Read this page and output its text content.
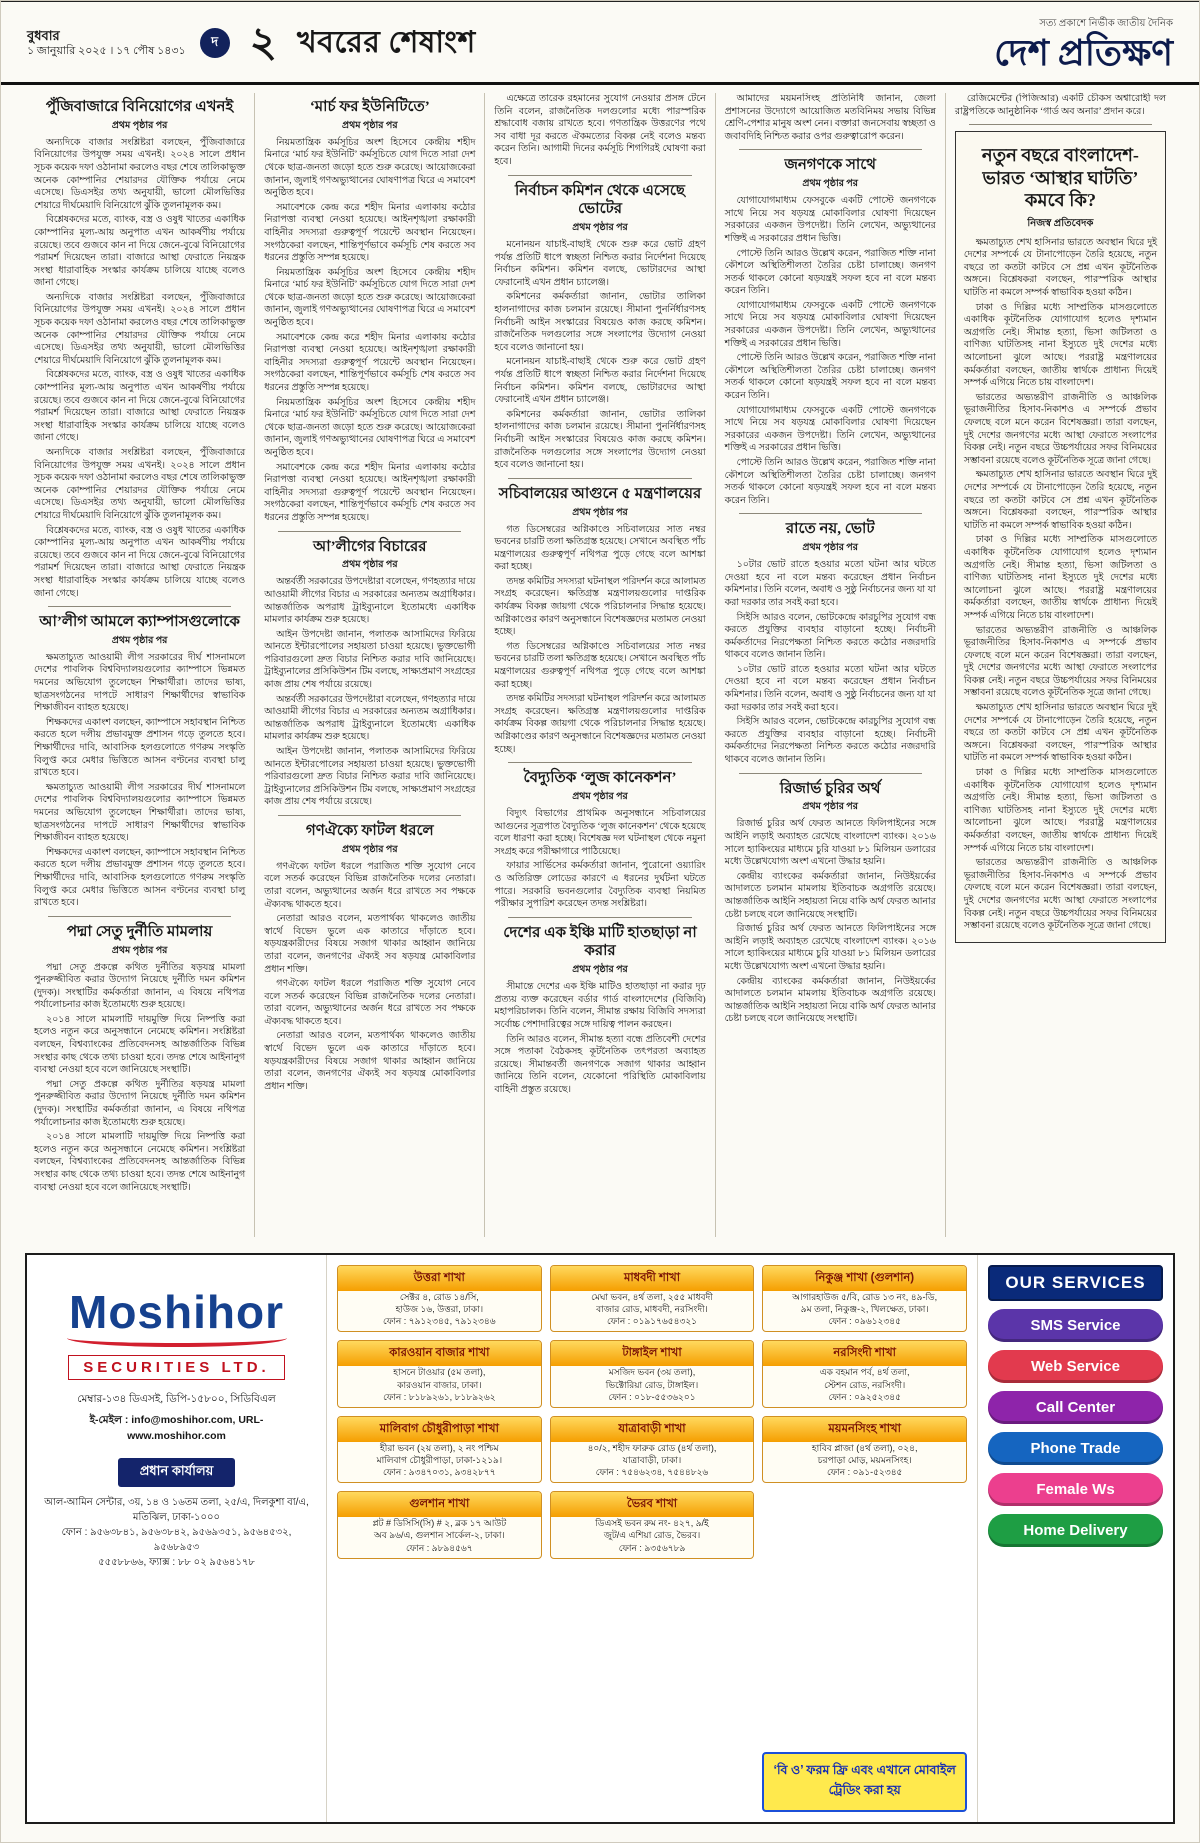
বুধবার
১ জানুয়ারি ২০২৫ । ১৭ পৌষ ১৪৩১
দ ২ খবরের শেষাংশ
সত্য প্রকাশে নির্ভীক জাতীয় দৈনিক
দেশ প্রতিক্ষণ
পুঁজিবাজারে বিনিয়োগের এখনই
প্রথম পৃষ্ঠার পর

অন্যদিকে বাজার সংশ্লিষ্টরা বলছেন, পুঁজিবাজারে বিনিয়োগের উপযুক্ত সময় এখনই। ২০২৪ সালে প্রধান সূচক কয়েক দফা ওঠানামা করলেও বছর শেষে তালিকাভুক্ত অনেক কোম্পানির শেয়ারদর যৌক্তিক পর্যায়ে নেমে এসেছে। ডিএসইর তথ্য অনুযায়ী, ভালো মৌলভিত্তির শেয়ারে দীর্ঘমেয়াদি বিনিয়োগে ঝুঁকি তুলনামূলক কম।

বিশ্লেষকদের মতে, ব্যাংক, বস্ত্র ও ওষুধ খাতের একাধিক কোম্পানির মূল্য-আয় অনুপাত এখন আকর্ষণীয় পর্যায়ে রয়েছে। তবে গুজবে কান না দিয়ে জেনে-বুঝে বিনিয়োগের পরামর্শ দিয়েছেন তারা। বাজারে আস্থা ফেরাতে নিয়ন্ত্রক সংস্থা ধারাবাহিক সংস্কার কার্যক্রম চালিয়ে যাচ্ছে বলেও জানা গেছে।

অন্যদিকে বাজার সংশ্লিষ্টরা বলছেন, পুঁজিবাজারে বিনিয়োগের উপযুক্ত সময় এখনই। ২০২৪ সালে প্রধান সূচক কয়েক দফা ওঠানামা করলেও বছর শেষে তালিকাভুক্ত অনেক কোম্পানির শেয়ারদর যৌক্তিক পর্যায়ে নেমে এসেছে। ডিএসইর তথ্য অনুযায়ী, ভালো মৌলভিত্তির শেয়ারে দীর্ঘমেয়াদি বিনিয়োগে ঝুঁকি তুলনামূলক কম।

বিশ্লেষকদের মতে, ব্যাংক, বস্ত্র ও ওষুধ খাতের একাধিক কোম্পানির মূল্য-আয় অনুপাত এখন আকর্ষণীয় পর্যায়ে রয়েছে। তবে গুজবে কান না দিয়ে জেনে-বুঝে বিনিয়োগের পরামর্শ দিয়েছেন তারা। বাজারে আস্থা ফেরাতে নিয়ন্ত্রক সংস্থা ধারাবাহিক সংস্কার কার্যক্রম চালিয়ে যাচ্ছে বলেও জানা গেছে।

অন্যদিকে বাজার সংশ্লিষ্টরা বলছেন, পুঁজিবাজারে বিনিয়োগের উপযুক্ত সময় এখনই। ২০২৪ সালে প্রধান সূচক কয়েক দফা ওঠানামা করলেও বছর শেষে তালিকাভুক্ত অনেক কোম্পানির শেয়ারদর যৌক্তিক পর্যায়ে নেমে এসেছে। ডিএসইর তথ্য অনুযায়ী, ভালো মৌলভিত্তির শেয়ারে দীর্ঘমেয়াদি বিনিয়োগে ঝুঁকি তুলনামূলক কম।

বিশ্লেষকদের মতে, ব্যাংক, বস্ত্র ও ওষুধ খাতের একাধিক কোম্পানির মূল্য-আয় অনুপাত এখন আকর্ষণীয় পর্যায়ে রয়েছে। তবে গুজবে কান না দিয়ে জেনে-বুঝে বিনিয়োগের পরামর্শ দিয়েছেন তারা। বাজারে আস্থা ফেরাতে নিয়ন্ত্রক সংস্থা ধারাবাহিক সংস্কার কার্যক্রম চালিয়ে যাচ্ছে বলেও জানা গেছে।

আ’লীগ আমলে ক্যাম্পাসগুলোকে
প্রথম পৃষ্ঠার পর

ক্ষমতাচ্যুত আওয়ামী লীগ সরকারের দীর্ঘ শাসনামলে দেশের পাবলিক বিশ্ববিদ্যালয়গুলোর ক্যাম্পাসে ভিন্নমত দমনের অভিযোগ তুলেছেন শিক্ষার্থীরা। তাদের ভাষ্য, ছাত্রসংগঠনের দাপটে সাধারণ শিক্ষার্থীদের স্বাভাবিক শিক্ষাজীবন ব্যাহত হয়েছে।

শিক্ষকদের একাংশ বলছেন, ক্যাম্পাসে সহাবস্থান নিশ্চিত করতে হলে দলীয় প্রভাবমুক্ত প্রশাসন গড়ে তুলতে হবে। শিক্ষার্থীদের দাবি, আবাসিক হলগুলোতে গণরুম সংস্কৃতি বিলুপ্ত করে মেধার ভিত্তিতে আসন বণ্টনের ব্যবস্থা চালু রাখতে হবে।

ক্ষমতাচ্যুত আওয়ামী লীগ সরকারের দীর্ঘ শাসনামলে দেশের পাবলিক বিশ্ববিদ্যালয়গুলোর ক্যাম্পাসে ভিন্নমত দমনের অভিযোগ তুলেছেন শিক্ষার্থীরা। তাদের ভাষ্য, ছাত্রসংগঠনের দাপটে সাধারণ শিক্ষার্থীদের স্বাভাবিক শিক্ষাজীবন ব্যাহত হয়েছে।

শিক্ষকদের একাংশ বলছেন, ক্যাম্পাসে সহাবস্থান নিশ্চিত করতে হলে দলীয় প্রভাবমুক্ত প্রশাসন গড়ে তুলতে হবে। শিক্ষার্থীদের দাবি, আবাসিক হলগুলোতে গণরুম সংস্কৃতি বিলুপ্ত করে মেধার ভিত্তিতে আসন বণ্টনের ব্যবস্থা চালু রাখতে হবে।

পদ্মা সেতু দুর্নীতি মামলায়
প্রথম পৃষ্ঠার পর

পদ্মা সেতু প্রকল্পে কথিত দুর্নীতির ষড়যন্ত্র মামলা পুনরুজ্জীবিত করার উদ্যোগ নিয়েছে দুর্নীতি দমন কমিশন (দুদক)। সংস্থাটির কর্মকর্তারা জানান, এ বিষয়ে নথিপত্র পর্যালোচনার কাজ ইতোমধ্যে শুরু হয়েছে।

২০১৪ সালে মামলাটি দায়মুক্তি দিয়ে নিষ্পত্তি করা হলেও নতুন করে অনুসন্ধানে নেমেছে কমিশন। সংশ্লিষ্টরা বলছেন, বিশ্বব্যাংকের প্রতিবেদনসহ আন্তর্জাতিক বিভিন্ন সংস্থার কাছ থেকে তথ্য চাওয়া হবে। তদন্ত শেষে আইনানুগ ব্যবস্থা নেওয়া হবে বলে জানিয়েছে সংস্থাটি।

পদ্মা সেতু প্রকল্পে কথিত দুর্নীতির ষড়যন্ত্র মামলা পুনরুজ্জীবিত করার উদ্যোগ নিয়েছে দুর্নীতি দমন কমিশন (দুদক)। সংস্থাটির কর্মকর্তারা জানান, এ বিষয়ে নথিপত্র পর্যালোচনার কাজ ইতোমধ্যে শুরু হয়েছে।

২০১৪ সালে মামলাটি দায়মুক্তি দিয়ে নিষ্পত্তি করা হলেও নতুন করে অনুসন্ধানে নেমেছে কমিশন। সংশ্লিষ্টরা বলছেন, বিশ্বব্যাংকের প্রতিবেদনসহ আন্তর্জাতিক বিভিন্ন সংস্থার কাছ থেকে তথ্য চাওয়া হবে। তদন্ত শেষে আইনানুগ ব্যবস্থা নেওয়া হবে বলে জানিয়েছে সংস্থাটি।

‘মার্চ ফর ইউনিটিতে’
প্রথম পৃষ্ঠার পর

নিয়মতান্ত্রিক কর্মসূচির অংশ হিসেবে কেন্দ্রীয় শহীদ মিনারে ‘মার্চ ফর ইউনিটি’ কর্মসূচিতে যোগ দিতে সারা দেশ থেকে ছাত্র-জনতা জড়ো হতে শুরু করেছে। আয়োজকেরা জানান, জুলাই গণঅভ্যুত্থানের ঘোষণাপত্র ঘিরে এ সমাবেশ অনুষ্ঠিত হবে।

সমাবেশকে কেন্দ্র করে শহীদ মিনার এলাকায় কঠোর নিরাপত্তা ব্যবস্থা নেওয়া হয়েছে। আইনশৃঙ্খলা রক্ষাকারী বাহিনীর সদস্যরা গুরুত্বপূর্ণ পয়েন্টে অবস্থান নিয়েছেন। সংগঠকেরা বলছেন, শান্তিপূর্ণভাবে কর্মসূচি শেষ করতে সব ধরনের প্রস্তুতি সম্পন্ন হয়েছে।

নিয়মতান্ত্রিক কর্মসূচির অংশ হিসেবে কেন্দ্রীয় শহীদ মিনারে ‘মার্চ ফর ইউনিটি’ কর্মসূচিতে যোগ দিতে সারা দেশ থেকে ছাত্র-জনতা জড়ো হতে শুরু করেছে। আয়োজকেরা জানান, জুলাই গণঅভ্যুত্থানের ঘোষণাপত্র ঘিরে এ সমাবেশ অনুষ্ঠিত হবে।

সমাবেশকে কেন্দ্র করে শহীদ মিনার এলাকায় কঠোর নিরাপত্তা ব্যবস্থা নেওয়া হয়েছে। আইনশৃঙ্খলা রক্ষাকারী বাহিনীর সদস্যরা গুরুত্বপূর্ণ পয়েন্টে অবস্থান নিয়েছেন। সংগঠকেরা বলছেন, শান্তিপূর্ণভাবে কর্মসূচি শেষ করতে সব ধরনের প্রস্তুতি সম্পন্ন হয়েছে।

নিয়মতান্ত্রিক কর্মসূচির অংশ হিসেবে কেন্দ্রীয় শহীদ মিনারে ‘মার্চ ফর ইউনিটি’ কর্মসূচিতে যোগ দিতে সারা দেশ থেকে ছাত্র-জনতা জড়ো হতে শুরু করেছে। আয়োজকেরা জানান, জুলাই গণঅভ্যুত্থানের ঘোষণাপত্র ঘিরে এ সমাবেশ অনুষ্ঠিত হবে।

সমাবেশকে কেন্দ্র করে শহীদ মিনার এলাকায় কঠোর নিরাপত্তা ব্যবস্থা নেওয়া হয়েছে। আইনশৃঙ্খলা রক্ষাকারী বাহিনীর সদস্যরা গুরুত্বপূর্ণ পয়েন্টে অবস্থান নিয়েছেন। সংগঠকেরা বলছেন, শান্তিপূর্ণভাবে কর্মসূচি শেষ করতে সব ধরনের প্রস্তুতি সম্পন্ন হয়েছে।

আ’লীগের বিচারের
প্রথম পৃষ্ঠার পর

অন্তর্বর্তী সরকারের উপদেষ্টারা বলেছেন, গণহত্যার দায়ে আওয়ামী লীগের বিচার এ সরকারের অন্যতম অগ্রাধিকার। আন্তর্জাতিক অপরাধ ট্রাইব্যুনালে ইতোমধ্যে একাধিক মামলার কার্যক্রম শুরু হয়েছে।

আইন উপদেষ্টা জানান, পলাতক আসামিদের ফিরিয়ে আনতে ইন্টারপোলের সহায়তা চাওয়া হয়েছে। ভুক্তভোগী পরিবারগুলো দ্রুত বিচার নিশ্চিত করার দাবি জানিয়েছে। ট্রাইব্যুনালের প্রসিকিউশন টিম বলছে, সাক্ষ্যপ্রমাণ সংগ্রহের কাজ প্রায় শেষ পর্যায়ে রয়েছে।

অন্তর্বর্তী সরকারের উপদেষ্টারা বলেছেন, গণহত্যার দায়ে আওয়ামী লীগের বিচার এ সরকারের অন্যতম অগ্রাধিকার। আন্তর্জাতিক অপরাধ ট্রাইব্যুনালে ইতোমধ্যে একাধিক মামলার কার্যক্রম শুরু হয়েছে।

আইন উপদেষ্টা জানান, পলাতক আসামিদের ফিরিয়ে আনতে ইন্টারপোলের সহায়তা চাওয়া হয়েছে। ভুক্তভোগী পরিবারগুলো দ্রুত বিচার নিশ্চিত করার দাবি জানিয়েছে। ট্রাইব্যুনালের প্রসিকিউশন টিম বলছে, সাক্ষ্যপ্রমাণ সংগ্রহের কাজ প্রায় শেষ পর্যায়ে রয়েছে।

গণঐক্যে ফাটল ধরলে
প্রথম পৃষ্ঠার পর

গণঐক্যে ফাটল ধরলে পরাজিত শক্তি সুযোগ নেবে বলে সতর্ক করেছেন বিভিন্ন রাজনৈতিক দলের নেতারা। তারা বলেন, অভ্যুত্থানের অর্জন ধরে রাখতে সব পক্ষকে ঐক্যবদ্ধ থাকতে হবে।

নেতারা আরও বলেন, মতপার্থক্য থাকলেও জাতীয় স্বার্থে বিভেদ ভুলে এক কাতারে দাঁড়াতে হবে। ষড়যন্ত্রকারীদের বিষয়ে সজাগ থাকার আহ্বান জানিয়ে তারা বলেন, জনগণের ঐক্যই সব ষড়যন্ত্র মোকাবিলার প্রধান শক্তি।

গণঐক্যে ফাটল ধরলে পরাজিত শক্তি সুযোগ নেবে বলে সতর্ক করেছেন বিভিন্ন রাজনৈতিক দলের নেতারা। তারা বলেন, অভ্যুত্থানের অর্জন ধরে রাখতে সব পক্ষকে ঐক্যবদ্ধ থাকতে হবে।

নেতারা আরও বলেন, মতপার্থক্য থাকলেও জাতীয় স্বার্থে বিভেদ ভুলে এক কাতারে দাঁড়াতে হবে। ষড়যন্ত্রকারীদের বিষয়ে সজাগ থাকার আহ্বান জানিয়ে তারা বলেন, জনগণের ঐক্যই সব ষড়যন্ত্র মোকাবিলার প্রধান শক্তি।

এক্ষেত্রে তারেক রহমানের সুযোগ নেওয়ার প্রসঙ্গ টেনে তিনি বলেন, রাজনৈতিক দলগুলোর মধ্যে পারস্পরিক শ্রদ্ধাবোধ বজায় রাখতে হবে। গণতান্ত্রিক উত্তরণের পথে সব বাধা দূর করতে ঐকমত্যের বিকল্প নেই বলেও মন্তব্য করেন তিনি। আগামী দিনের কর্মসূচি শিগগিরই ঘোষণা করা হবে।

নির্বাচন কমিশন থেকে এসেছে ভোটের
প্রথম পৃষ্ঠার পর

মনোনয়ন যাচাই-বাছাই থেকে শুরু করে ভোট গ্রহণ পর্যন্ত প্রতিটি ধাপে স্বচ্ছতা নিশ্চিত করার নির্দেশনা দিয়েছে নির্বাচন কমিশন। কমিশন বলছে, ভোটারদের আস্থা ফেরানোই এখন প্রধান চ্যালেঞ্জ।

কমিশনের কর্মকর্তারা জানান, ভোটার তালিকা হালনাগাদের কাজ চলমান রয়েছে। সীমানা পুনর্নির্ধারণসহ নির্বাচনী আইন সংস্কারের বিষয়েও কাজ করছে কমিশন। রাজনৈতিক দলগুলোর সঙ্গে সংলাপের উদ্যোগ নেওয়া হবে বলেও জানানো হয়।

মনোনয়ন যাচাই-বাছাই থেকে শুরু করে ভোট গ্রহণ পর্যন্ত প্রতিটি ধাপে স্বচ্ছতা নিশ্চিত করার নির্দেশনা দিয়েছে নির্বাচন কমিশন। কমিশন বলছে, ভোটারদের আস্থা ফেরানোই এখন প্রধান চ্যালেঞ্জ।

কমিশনের কর্মকর্তারা জানান, ভোটার তালিকা হালনাগাদের কাজ চলমান রয়েছে। সীমানা পুনর্নির্ধারণসহ নির্বাচনী আইন সংস্কারের বিষয়েও কাজ করছে কমিশন। রাজনৈতিক দলগুলোর সঙ্গে সংলাপের উদ্যোগ নেওয়া হবে বলেও জানানো হয়।

সচিবালয়ের আগুনে ৫ মন্ত্রণালয়ের
প্রথম পৃষ্ঠার পর

গত ডিসেম্বরের অগ্নিকাণ্ডে সচিবালয়ের সাত নম্বর ভবনের চারটি তলা ক্ষতিগ্রস্ত হয়েছে। সেখানে অবস্থিত পাঁচ মন্ত্রণালয়ের গুরুত্বপূর্ণ নথিপত্র পুড়ে গেছে বলে আশঙ্কা করা হচ্ছে।

তদন্ত কমিটির সদস্যরা ঘটনাস্থল পরিদর্শন করে আলামত সংগ্রহ করেছেন। ক্ষতিগ্রস্ত মন্ত্রণালয়গুলোর দাপ্তরিক কার্যক্রম বিকল্প জায়গা থেকে পরিচালনার সিদ্ধান্ত হয়েছে। অগ্নিকাণ্ডের কারণ অনুসন্ধানে বিশেষজ্ঞদের মতামত নেওয়া হচ্ছে।

গত ডিসেম্বরের অগ্নিকাণ্ডে সচিবালয়ের সাত নম্বর ভবনের চারটি তলা ক্ষতিগ্রস্ত হয়েছে। সেখানে অবস্থিত পাঁচ মন্ত্রণালয়ের গুরুত্বপূর্ণ নথিপত্র পুড়ে গেছে বলে আশঙ্কা করা হচ্ছে।

তদন্ত কমিটির সদস্যরা ঘটনাস্থল পরিদর্শন করে আলামত সংগ্রহ করেছেন। ক্ষতিগ্রস্ত মন্ত্রণালয়গুলোর দাপ্তরিক কার্যক্রম বিকল্প জায়গা থেকে পরিচালনার সিদ্ধান্ত হয়েছে। অগ্নিকাণ্ডের কারণ অনুসন্ধানে বিশেষজ্ঞদের মতামত নেওয়া হচ্ছে।

বৈদ্যুতিক ‘লুজ কানেকশন’
প্রথম পৃষ্ঠার পর

বিদ্যুৎ বিভাগের প্রাথমিক অনুসন্ধানে সচিবালয়ের আগুনের সূত্রপাত বৈদ্যুতিক ‘লুজ কানেকশন’ থেকে হয়েছে বলে ধারণা করা হচ্ছে। বিশেষজ্ঞ দল ঘটনাস্থল থেকে নমুনা সংগ্রহ করে পরীক্ষাগারে পাঠিয়েছে।

ফায়ার সার্ভিসের কর্মকর্তারা জানান, পুরোনো ওয়্যারিং ও অতিরিক্ত লোডের কারণে এ ধরনের দুর্ঘটনা ঘটতে পারে। সরকারি ভবনগুলোর বৈদ্যুতিক ব্যবস্থা নিয়মিত পরীক্ষার সুপারিশ করেছেন তদন্ত সংশ্লিষ্টরা।

দেশের এক ইঞ্চি মাটি হাতছাড়া না করার
প্রথম পৃষ্ঠার পর

সীমান্তে দেশের এক ইঞ্চি মাটিও হাতছাড়া না করার দৃঢ় প্রত্যয় ব্যক্ত করেছেন বর্ডার গার্ড বাংলাদেশের (বিজিবি) মহাপরিচালক। তিনি বলেন, সীমান্ত রক্ষায় বিজিবি সদস্যরা সর্বোচ্চ পেশাদারিত্বের সঙ্গে দায়িত্ব পালন করছেন।

তিনি আরও বলেন, সীমান্ত হত্যা বন্ধে প্রতিবেশী দেশের সঙ্গে পতাকা বৈঠকসহ কূটনৈতিক তৎপরতা অব্যাহত রয়েছে। সীমান্তবর্তী জনগণকে সজাগ থাকার আহ্বান জানিয়ে তিনি বলেন, যেকোনো পরিস্থিতি মোকাবিলায় বাহিনী প্রস্তুত রয়েছে।

আমাদের ময়মনসিংহ প্রতিনিধি জানান, জেলা প্রশাসনের উদ্যোগে আয়োজিত মতবিনিময় সভায় বিভিন্ন শ্রেণি-পেশার মানুষ অংশ নেন। বক্তারা জনসেবায় স্বচ্ছতা ও জবাবদিহি নিশ্চিত করার ওপর গুরুত্বারোপ করেন।

জনগণকে সাথে
প্রথম পৃষ্ঠার পর

যোগাযোগমাধ্যম ফেসবুকে একটি পোস্টে জনগণকে সাথে নিয়ে সব ষড়যন্ত্র মোকাবিলার ঘোষণা দিয়েছেন সরকারের একজন উপদেষ্টা। তিনি লেখেন, অভ্যুত্থানের শক্তিই এ সরকারের প্রধান ভিত্তি।

পোস্টে তিনি আরও উল্লেখ করেন, পরাজিত শক্তি নানা কৌশলে অস্থিতিশীলতা তৈরির চেষ্টা চালাচ্ছে। জনগণ সতর্ক থাকলে কোনো ষড়যন্ত্রই সফল হবে না বলে মন্তব্য করেন তিনি।

যোগাযোগমাধ্যম ফেসবুকে একটি পোস্টে জনগণকে সাথে নিয়ে সব ষড়যন্ত্র মোকাবিলার ঘোষণা দিয়েছেন সরকারের একজন উপদেষ্টা। তিনি লেখেন, অভ্যুত্থানের শক্তিই এ সরকারের প্রধান ভিত্তি।

পোস্টে তিনি আরও উল্লেখ করেন, পরাজিত শক্তি নানা কৌশলে অস্থিতিশীলতা তৈরির চেষ্টা চালাচ্ছে। জনগণ সতর্ক থাকলে কোনো ষড়যন্ত্রই সফল হবে না বলে মন্তব্য করেন তিনি।

যোগাযোগমাধ্যম ফেসবুকে একটি পোস্টে জনগণকে সাথে নিয়ে সব ষড়যন্ত্র মোকাবিলার ঘোষণা দিয়েছেন সরকারের একজন উপদেষ্টা। তিনি লেখেন, অভ্যুত্থানের শক্তিই এ সরকারের প্রধান ভিত্তি।

পোস্টে তিনি আরও উল্লেখ করেন, পরাজিত শক্তি নানা কৌশলে অস্থিতিশীলতা তৈরির চেষ্টা চালাচ্ছে। জনগণ সতর্ক থাকলে কোনো ষড়যন্ত্রই সফল হবে না বলে মন্তব্য করেন তিনি।

রাতে নয়, ভোট
প্রথম পৃষ্ঠার পর

১০টার ভোট রাতে হওয়ার মতো ঘটনা আর ঘটতে দেওয়া হবে না বলে মন্তব্য করেছেন প্রধান নির্বাচন কমিশনার। তিনি বলেন, অবাধ ও সুষ্ঠু নির্বাচনের জন্য যা যা করা দরকার তার সবই করা হবে।

সিইসি আরও বলেন, ভোটকেন্দ্রে কারচুপির সুযোগ বন্ধ করতে প্রযুক্তির ব্যবহার বাড়ানো হচ্ছে। নির্বাচনী কর্মকর্তাদের নিরপেক্ষতা নিশ্চিত করতে কঠোর নজরদারি থাকবে বলেও জানান তিনি।

১০টার ভোট রাতে হওয়ার মতো ঘটনা আর ঘটতে দেওয়া হবে না বলে মন্তব্য করেছেন প্রধান নির্বাচন কমিশনার। তিনি বলেন, অবাধ ও সুষ্ঠু নির্বাচনের জন্য যা যা করা দরকার তার সবই করা হবে।

সিইসি আরও বলেন, ভোটকেন্দ্রে কারচুপির সুযোগ বন্ধ করতে প্রযুক্তির ব্যবহার বাড়ানো হচ্ছে। নির্বাচনী কর্মকর্তাদের নিরপেক্ষতা নিশ্চিত করতে কঠোর নজরদারি থাকবে বলেও জানান তিনি।

রিজার্ভ চুরির অর্থ
প্রথম পৃষ্ঠার পর

রিজার্ভ চুরির অর্থ ফেরত আনতে ফিলিপাইনের সঙ্গে আইনি লড়াই অব্যাহত রেখেছে বাংলাদেশ ব্যাংক। ২০১৬ সালে হ্যাকিংয়ের মাধ্যমে চুরি যাওয়া ৮১ মিলিয়ন ডলারের মধ্যে উল্লেখযোগ্য অংশ এখনো উদ্ধার হয়নি।

কেন্দ্রীয় ব্যাংকের কর্মকর্তারা জানান, নিউইয়র্কের আদালতে চলমান মামলায় ইতিবাচক অগ্রগতি রয়েছে। আন্তর্জাতিক আইনি সহায়তা নিয়ে বাকি অর্থ ফেরত আনার চেষ্টা চলছে বলে জানিয়েছে সংস্থাটি।

রিজার্ভ চুরির অর্থ ফেরত আনতে ফিলিপাইনের সঙ্গে আইনি লড়াই অব্যাহত রেখেছে বাংলাদেশ ব্যাংক। ২০১৬ সালে হ্যাকিংয়ের মাধ্যমে চুরি যাওয়া ৮১ মিলিয়ন ডলারের মধ্যে উল্লেখযোগ্য অংশ এখনো উদ্ধার হয়নি।

কেন্দ্রীয় ব্যাংকের কর্মকর্তারা জানান, নিউইয়র্কের আদালতে চলমান মামলায় ইতিবাচক অগ্রগতি রয়েছে। আন্তর্জাতিক আইনি সহায়তা নিয়ে বাকি অর্থ ফেরত আনার চেষ্টা চলছে বলে জানিয়েছে সংস্থাটি।

রেজিমেন্টের (পিজিআর) একটি চৌকস অশ্বারোহী দল রাষ্ট্রপতিকে আনুষ্ঠানিক ‘গার্ড অব অনার’ প্রদান করে।

নতুন বছরে বাংলাদেশ-ভারত ‘আস্থার ঘাটতি’ কমবে কি?
নিজস্ব প্রতিবেদক

ক্ষমতাচ্যুত শেখ হাসিনার ভারতে অবস্থান ঘিরে দুই দেশের সম্পর্কে যে টানাপোড়েন তৈরি হয়েছে, নতুন বছরে তা কতটা কাটবে সে প্রশ্ন এখন কূটনৈতিক অঙ্গনে। বিশ্লেষকরা বলছেন, পারস্পরিক আস্থার ঘাটতি না কমলে সম্পর্ক স্বাভাবিক হওয়া কঠিন।

ঢাকা ও দিল্লির মধ্যে সাম্প্রতিক মাসগুলোতে একাধিক কূটনৈতিক যোগাযোগ হলেও দৃশ্যমান অগ্রগতি নেই। সীমান্ত হত্যা, ভিসা জটিলতা ও বাণিজ্য ঘাটতিসহ নানা ইস্যুতে দুই দেশের মধ্যে আলোচনা ঝুলে আছে। পররাষ্ট্র মন্ত্রণালয়ের কর্মকর্তারা বলছেন, জাতীয় স্বার্থকে প্রাধান্য দিয়েই সম্পর্ক এগিয়ে নিতে চায় বাংলাদেশ।

ভারতের অভ্যন্তরীণ রাজনীতি ও আঞ্চলিক ভূরাজনীতির হিসাব-নিকাশও এ সম্পর্কে প্রভাব ফেলছে বলে মনে করেন বিশেষজ্ঞরা। তারা বলছেন, দুই দেশের জনগণের মধ্যে আস্থা ফেরাতে সংলাপের বিকল্প নেই। নতুন বছরে উচ্চপর্যায়ের সফর বিনিময়ের সম্ভাবনা রয়েছে বলেও কূটনৈতিক সূত্রে জানা গেছে।

ক্ষমতাচ্যুত শেখ হাসিনার ভারতে অবস্থান ঘিরে দুই দেশের সম্পর্কে যে টানাপোড়েন তৈরি হয়েছে, নতুন বছরে তা কতটা কাটবে সে প্রশ্ন এখন কূটনৈতিক অঙ্গনে। বিশ্লেষকরা বলছেন, পারস্পরিক আস্থার ঘাটতি না কমলে সম্পর্ক স্বাভাবিক হওয়া কঠিন।

ঢাকা ও দিল্লির মধ্যে সাম্প্রতিক মাসগুলোতে একাধিক কূটনৈতিক যোগাযোগ হলেও দৃশ্যমান অগ্রগতি নেই। সীমান্ত হত্যা, ভিসা জটিলতা ও বাণিজ্য ঘাটতিসহ নানা ইস্যুতে দুই দেশের মধ্যে আলোচনা ঝুলে আছে। পররাষ্ট্র মন্ত্রণালয়ের কর্মকর্তারা বলছেন, জাতীয় স্বার্থকে প্রাধান্য দিয়েই সম্পর্ক এগিয়ে নিতে চায় বাংলাদেশ।

ভারতের অভ্যন্তরীণ রাজনীতি ও আঞ্চলিক ভূরাজনীতির হিসাব-নিকাশও এ সম্পর্কে প্রভাব ফেলছে বলে মনে করেন বিশেষজ্ঞরা। তারা বলছেন, দুই দেশের জনগণের মধ্যে আস্থা ফেরাতে সংলাপের বিকল্প নেই। নতুন বছরে উচ্চপর্যায়ের সফর বিনিময়ের সম্ভাবনা রয়েছে বলেও কূটনৈতিক সূত্রে জানা গেছে।

ক্ষমতাচ্যুত শেখ হাসিনার ভারতে অবস্থান ঘিরে দুই দেশের সম্পর্কে যে টানাপোড়েন তৈরি হয়েছে, নতুন বছরে তা কতটা কাটবে সে প্রশ্ন এখন কূটনৈতিক অঙ্গনে। বিশ্লেষকরা বলছেন, পারস্পরিক আস্থার ঘাটতি না কমলে সম্পর্ক স্বাভাবিক হওয়া কঠিন।

ঢাকা ও দিল্লির মধ্যে সাম্প্রতিক মাসগুলোতে একাধিক কূটনৈতিক যোগাযোগ হলেও দৃশ্যমান অগ্রগতি নেই। সীমান্ত হত্যা, ভিসা জটিলতা ও বাণিজ্য ঘাটতিসহ নানা ইস্যুতে দুই দেশের মধ্যে আলোচনা ঝুলে আছে। পররাষ্ট্র মন্ত্রণালয়ের কর্মকর্তারা বলছেন, জাতীয় স্বার্থকে প্রাধান্য দিয়েই সম্পর্ক এগিয়ে নিতে চায় বাংলাদেশ।

ভারতের অভ্যন্তরীণ রাজনীতি ও আঞ্চলিক ভূরাজনীতির হিসাব-নিকাশও এ সম্পর্কে প্রভাব ফেলছে বলে মনে করেন বিশেষজ্ঞরা। তারা বলছেন, দুই দেশের জনগণের মধ্যে আস্থা ফেরাতে সংলাপের বিকল্প নেই। নতুন বছরে উচ্চপর্যায়ের সফর বিনিময়ের সম্ভাবনা রয়েছে বলেও কূটনৈতিক সূত্রে জানা গেছে।

Moshihor
SECURITIES LTD.
মেম্বার-১৩৪ ডিএসই, ডিপি-১৫৮০০, সিডিবিএল
ই-মেইল : info@moshihor.com, URL- www.moshihor.com
প্রধান কার্যালয়
আল-আমিন সেন্টার, ৩য়, ১৪ ও ১৬তম তলা, ২৫/এ, দিলকুশা বা/এ, মতিঝিল, ঢাকা-১০০০
ফোন : ৯৫৬৩৮৪১, ৯৫৬৩৮৪২, ৯৫৬৯৩৫১, ৯৫৬৪৫৩২, ৯৫৬৮৯৫৩
৫৫৫৮৮৬৬, ফ্যাক্স : ৮৮ ০২ ৯৫৬৪১৭৮
উত্তরা শাখা
সেক্টর ৪, রোড ১৪/সি,
হাউজ ১৬, উত্তরা, ঢাকা।
ফোন : ৭৯১২৩৪৫, ৭৯১২৩৪৬
কারওয়ান বাজার শাখা
হাসনে টাওয়ার (৫ম তলা),
কারওয়ান বাজার, ঢাকা।
ফোন : ৮১৮৯২৬১, ৮১৮৯২৬২
মালিবাগ চৌধুরীপাড়া শাখা
হীরা ভবন (২য় তলা), ২ নং পশ্চিম
মালিবাগ চৌধুরীপাড়া, ঢাকা-১২১৯।
ফোন : ৯৩৪৭০৩১, ৯৩৪২৮৭৭
গুলশান শাখা
প্লট # ডিসিসি(সি) # ২, ব্লক ১৭ আউট
অব ৯৬/এ, গুলশান সার্কেল-২, ঢাকা।
ফোন : ৯৮৯৪৫৬৭
মাধবদী শাখা
মেঘা ভবন, ৪র্থ তলা, ২৫৫ মাধবদী
বাজার রোড, মাধবদী, নরসিংদী।
ফোন : ০১৯১৭৬৫৪৩২১
টাঙ্গাইল শাখা
মসজিদ ভবন (৩য় তলা),
ভিক্টোরিয়া রোড, টাঙ্গাইল।
ফোন : ০১৮-৫৫৩৬২০১
যাত্রাবাড়ী শাখা
৪০/২, শহীদ ফারুক রোড (৪র্থ তলা),
যাত্রাবাড়ী, ঢাকা।
ফোন : ৭৫৪৬২৩৪, ৭৫৪৪৮২৬
ভৈরব শাখা
ডিএসই ভবন রুম নং- ৪২৭, ৯/ই
জুট/এ এশিয়া রোড, ভৈরব।
ফোন : ৯৩৫৬৭৮৯
নিকুঞ্জ শাখা (গুলশান)
আগারহাউজ ৫/বি, রোড ১৩ নং, ৪৯-ডি,
৯ম তলা, নিকুঞ্জ-২, খিলক্ষেত, ঢাকা।
ফোন : ০৯৬১২৩৪৫
নরসিংদী শাখা
এক বহমান পর্ব, ৪র্থ তলা,
স্টেশন রোড, নরসিংদী।
ফোন : ০৯২৫২৩৪৫
ময়মনসিংহ শাখা
হাবিব প্লাজা (৪র্থ তলা), ০২৪,
চরপাড়া মোড়, ময়মনসিংহ।
ফোন : ০৯১-৫২৩৪৫
‘বি ও’ ফরম ফ্রি এবং এখানে মোবাইল ট্রেডিং করা হয়
OUR SERVICES
SMS Service
Web Service
Call Center
Phone Trade
Female Ws
Home Delivery
